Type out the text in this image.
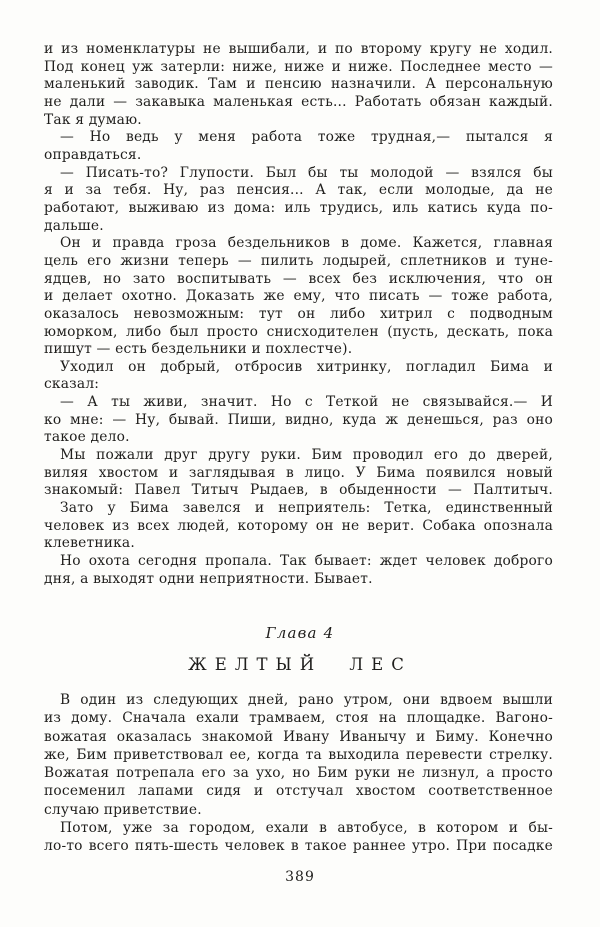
и из номенклатуры не вышибали, и по второму кругу не ходил.
Под конец уж затерли: ниже, ниже и ниже. Последнее место —
маленький заводик. Там и пенсию назначили. А персональную
не дали — закавыка маленькая есть... Работать обязан каждый.
Так я думаю.
— Но ведь у меня работа тоже трудная,— пытался я
оправдаться.
— Писать-то? Глупости. Был бы ты молодой — взялся бы
я и за тебя. Ну, раз пенсия... А так, если молодые, да не
работают, выживаю из дома: иль трудись, иль катись куда по-
дальше.
Он и правда гроза бездельников в доме. Кажется, главная
цель его жизни теперь — пилить лодырей, сплетников и туне-
ядцев, но зато воспитывать — всех без исключения, что он
и делает охотно. Доказать же ему, что писать — тоже работа,
оказалось невозможным: тут он либо хитрил с подводным
юморком, либо был просто снисходителен (пусть, дескать, пока
пишут — есть бездельники и похлестче).
Уходил он добрый, отбросив хитринку, погладил Бима и
сказал:
— А ты живи, значит. Но с Теткой не связывайся.— И
ко мне: — Ну, бывай. Пиши, видно, куда ж денешься, раз оно
такое дело.
Мы пожали друг другу руки. Бим проводил его до дверей,
виляя хвостом и заглядывая в лицо. У Бима появился новый
знакомый: Павел Титыч Рыдаев, в обыденности — Палтитыч.
Зато у Бима завелся и неприятель: Тетка, единственный
человек из всех людей, которому он не верит. Собака опознала
клеветника.
Но охота сегодня пропала. Так бывает: ждет человек доброго
дня, а выходят одни неприятности. Бывает.
Глава 4
ЖЕЛТЫЙ ЛЕС
В один из следующих дней, рано утром, они вдвоем вышли
из дому. Сначала ехали трамваем, стоя на площадке. Вагоно-
вожатая оказалась знакомой Ивану Иванычу и Биму. Конечно
же, Бим приветствовал ее, когда та выходила перевести стрелку.
Вожатая потрепала его за ухо, но Бим руки не лизнул, а просто
посеменил лапами сидя и отстучал хвостом соответственное
случаю приветствие.
Потом, уже за городом, ехали в автобусе, в котором и бы-
ло-то всего пять-шесть человек в такое раннее утро. При посадке
389
